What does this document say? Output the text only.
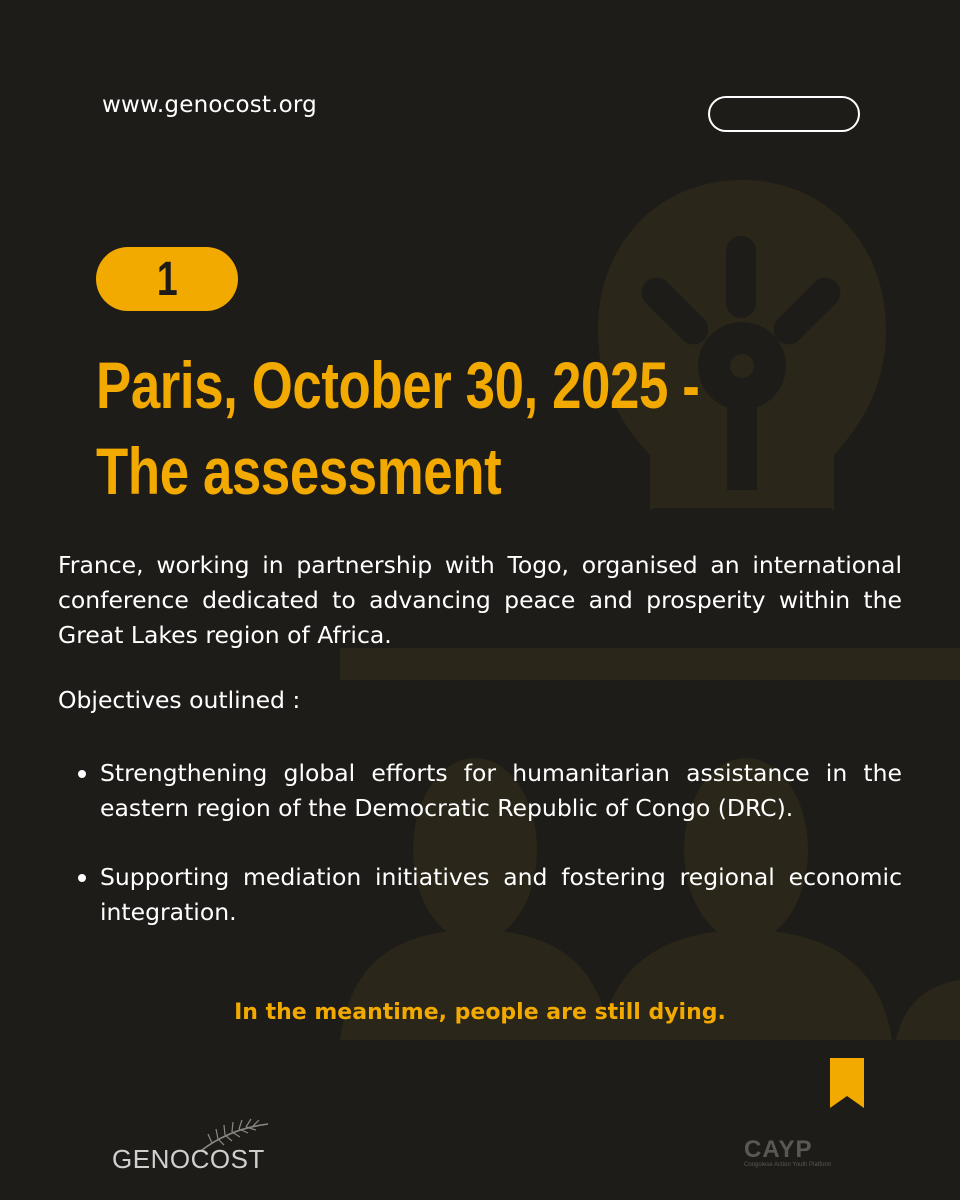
www.genocost.org
1
Paris, October 30, 2025 -
The assessment

France, working in partnership with Togo, organised an international conference dedicated to advancing peace and prosperity within the Great Lakes region of Africa.

Objectives outlined :
Strengthening global efforts for humanitarian assistance in the eastern region of the Democratic Republic of Congo (DRC).
Supporting mediation initiatives and fostering regional economic integration.
In the meantime, people are still dying.
GENOCOST	CAYP
Congolese Action Youth Platform
